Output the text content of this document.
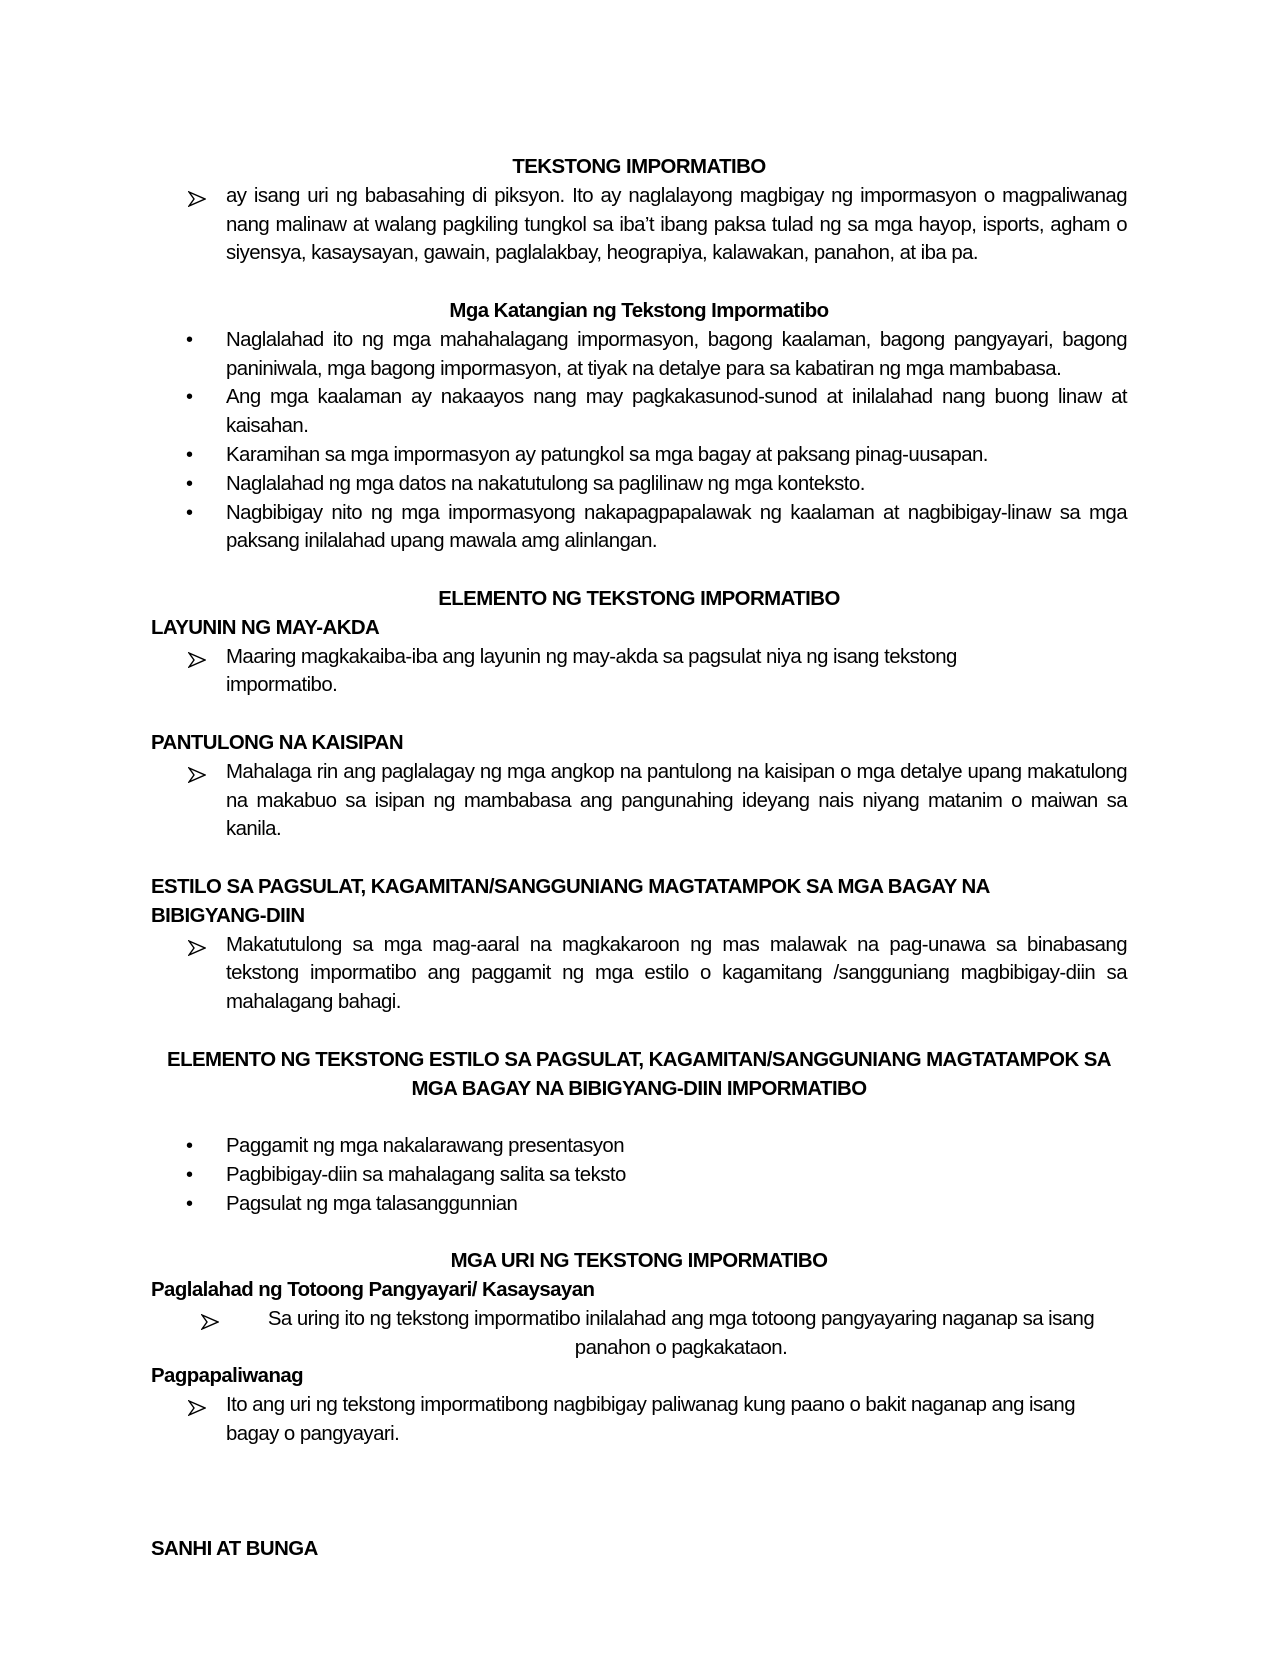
TEKSTONG IMPORMATIBO
ay isang uri ng babasahing di piksyon. Ito ay naglalayong magbigay ng impormasyon o magpaliwanag nang malinaw at walang pagkiling tungkol sa iba’t ibang paksa tulad ng sa mga hayop, isports, agham o siyensya, kasaysayan, gawain, paglalakbay, heograpiya, kalawakan, panahon, at iba pa.
Mga Katangian ng Tekstong Impormatibo
•	Naglalahad ito ng mga mahahalagang impormasyon, bagong kaalaman, bagong pangyayari, bagong paniniwala, mga bagong impormasyon, at tiyak na detalye para sa kabatiran ng mga mambabasa.
•	Ang mga kaalaman ay nakaayos nang may pagkakasunod-sunod at inilalahad nang buong linaw at kaisahan.
•	Karamihan sa mga impormasyon ay patungkol sa mga bagay at paksang pinag-uusapan.
•	Naglalahad ng mga datos na nakatutulong sa paglilinaw ng mga konteksto.
•	Nagbibigay nito ng mga impormasyong nakapagpapalawak ng kaalaman at nagbibigay-linaw sa mga paksang inilalahad upang mawala amg alinlangan.
ELEMENTO NG TEKSTONG IMPORMATIBO
LAYUNIN NG MAY-AKDA
Maaring magkakaiba-iba ang layunin ng may-akda sa pagsulat niya ng isang tekstong impormatibo.
PANTULONG NA KAISIPAN
Mahalaga rin ang paglalagay ng mga angkop na pantulong na kaisipan o mga detalye upang makatulong na makabuo sa isipan ng mambabasa ang pangunahing ideyang nais niyang matanim o maiwan sa kanila.
ESTILO SA PAGSULAT, KAGAMITAN/SANGGUNIANG MAGTATAMPOK SA MGA BAGAY NA BIBIGYANG-DIIN
Makatutulong sa mga mag-aaral na magkakaroon ng mas malawak na pag-unawa sa binabasang tekstong impormatibo ang paggamit ng mga estilo o kagamitang /sangguniang magbibigay-diin sa mahalagang bahagi.
ELEMENTO NG TEKSTONG ESTILO SA PAGSULAT, KAGAMITAN/SANGGUNIANG MAGTATAMPOK SA MGA BAGAY NA BIBIGYANG-DIIN IMPORMATIBO
•	Paggamit ng mga nakalarawang presentasyon
•	Pagbibigay-diin sa mahalagang salita sa teksto
•	Pagsulat ng mga talasanggunnian
MGA URI NG TEKSTONG IMPORMATIBO
Paglalahad ng Totoong Pangyayari/ Kasaysayan
Sa uring ito ng tekstong impormatibo inilalahad ang mga totoong pangyayaring naganap sa isang panahon o pagkakataon.
Pagpapaliwanag
Ito ang uri ng tekstong impormatibong nagbibigay paliwanag kung paano o bakit naganap ang isang bagay o pangyayari.
SANHI AT BUNGA
